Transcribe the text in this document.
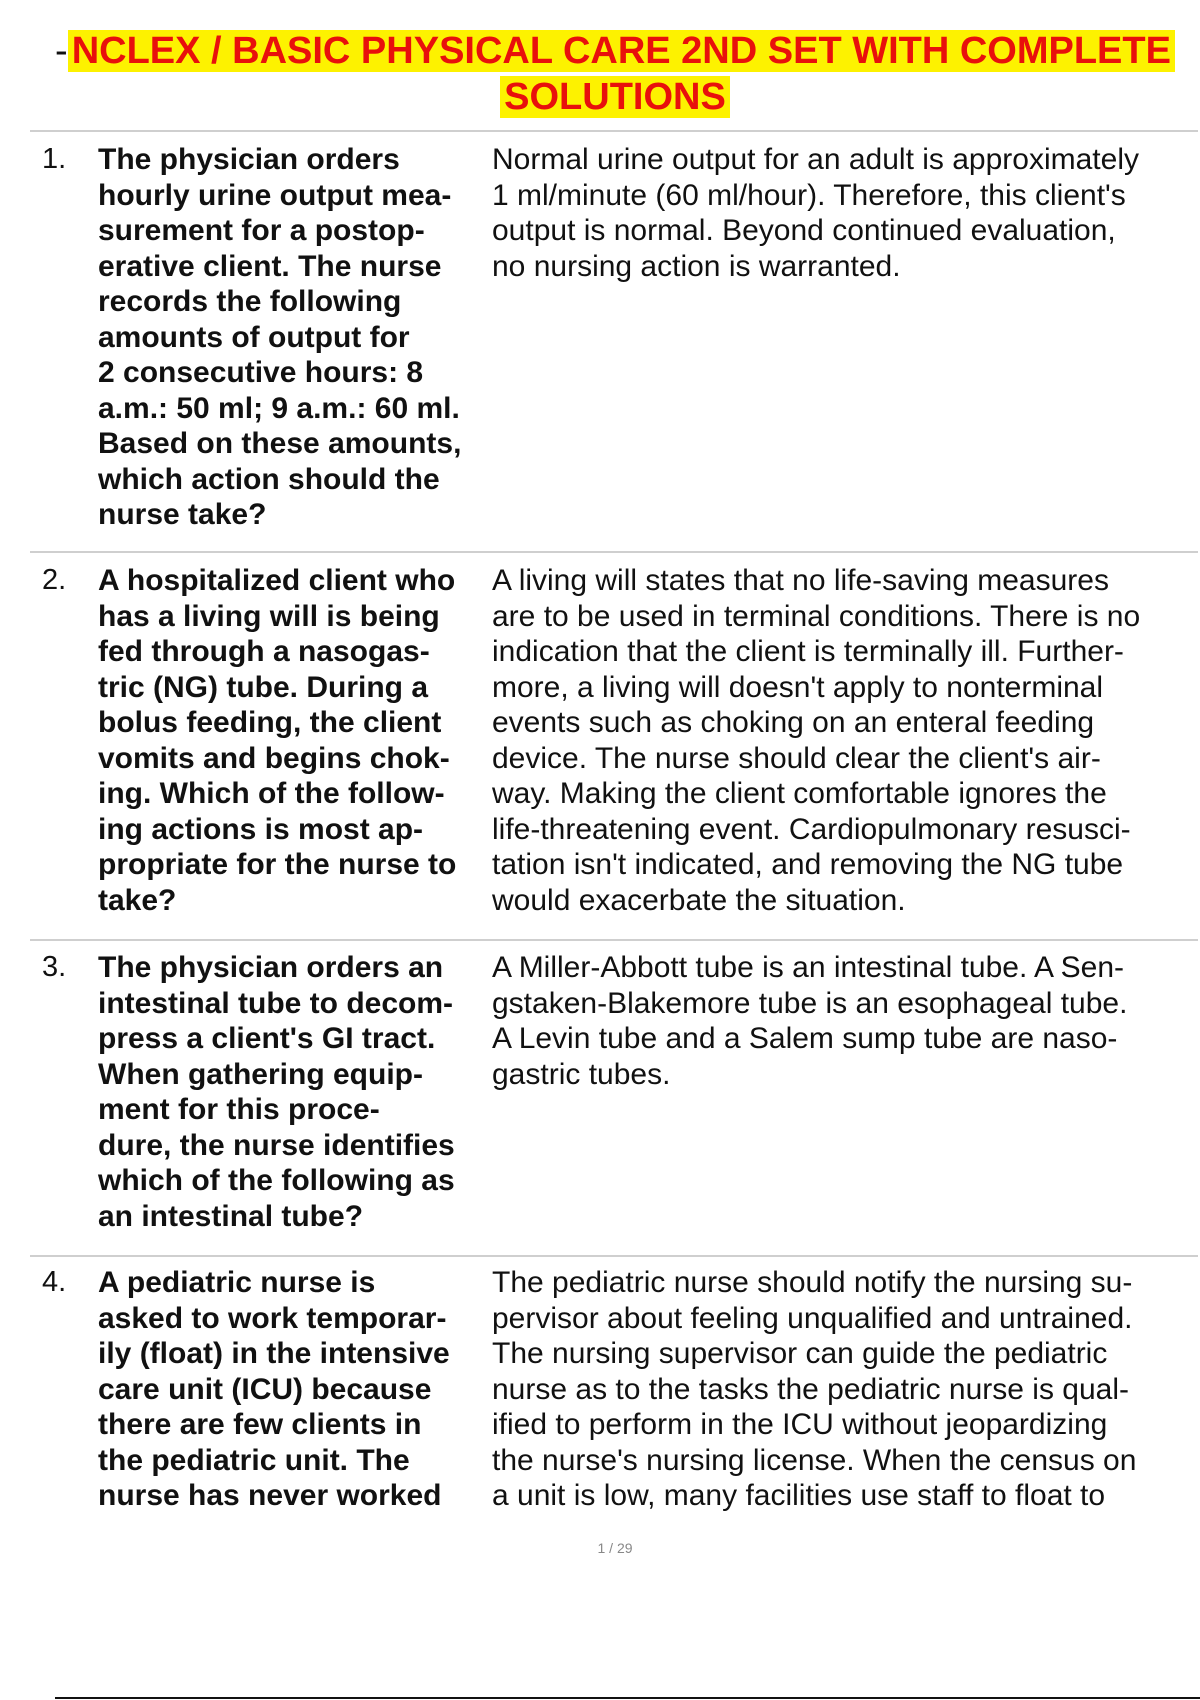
- NCLEX / BASIC PHYSICAL CARE 2ND SET WITH COMPLETE
SOLUTIONS
1. The physician orders
hourly urine output mea-
surement for a postop-
erative client. The nurse
records the following
amounts of output for
2 consecutive hours: 8
a.m.: 50 ml; 9 a.m.: 60 ml.
Based on these amounts,
which action should the
nurse take?
Normal urine output for an adult is approximately
1 ml/minute (60 ml/hour). Therefore, this client's
output is normal. Beyond continued evaluation,
no nursing action is warranted.
2. A hospitalized client who
has a living will is being
fed through a nasogas-
tric (NG) tube. During a
bolus feeding, the client
vomits and begins chok-
ing. Which of the follow-
ing actions is most ap-
propriate for the nurse to
take?
A living will states that no life-saving measures
are to be used in terminal conditions. There is no
indication that the client is terminally ill. Further-
more, a living will doesn't apply to nonterminal
events such as choking on an enteral feeding
device. The nurse should clear the client's air-
way. Making the client comfortable ignores the
life-threatening event. Cardiopulmonary resusci-
tation isn't indicated, and removing the NG tube
would exacerbate the situation.
3. The physician orders an
intestinal tube to decom-
press a client's GI tract.
When gathering equip-
ment for this proce-
dure, the nurse identifies
which of the following as
an intestinal tube?
A Miller-Abbott tube is an intestinal tube. A Sen-
gstaken-Blakemore tube is an esophageal tube.
A Levin tube and a Salem sump tube are naso-
gastric tubes.
4. A pediatric nurse is
asked to work temporar-
ily (float) in the intensive
care unit (ICU) because
there are few clients in
the pediatric unit. The
nurse has never worked
The pediatric nurse should notify the nursing su-
pervisor about feeling unqualified and untrained.
The nursing supervisor can guide the pediatric
nurse as to the tasks the pediatric nurse is qual-
ified to perform in the ICU without jeopardizing
the nurse's nursing license. When the census on
a unit is low, many facilities use staff to float to
1 / 29
